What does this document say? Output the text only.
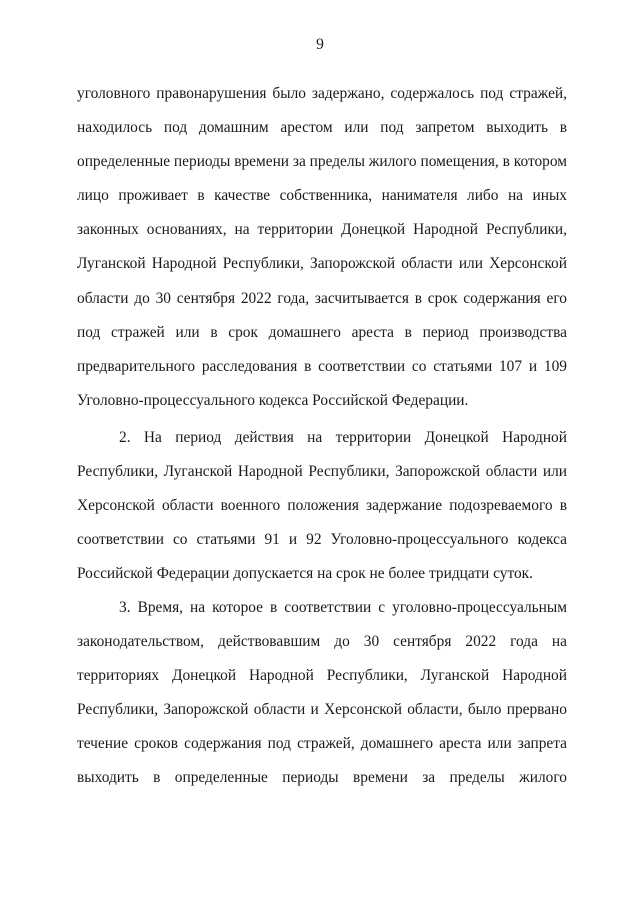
9
уголовного правонарушения было задержано, содержалось под стражей,
находилось под домашним арестом или под запретом выходить в
определенные периоды времени за пределы жилого помещения, в котором
лицо проживает в качестве собственника, нанимателя либо на иных
законных основаниях, на территории Донецкой Народной Республики,
Луганской Народной Республики, Запорожской области или Херсонской
области до 30 сентября 2022 года, засчитывается в срок содержания его
под стражей или в срок домашнего ареста в период производства
предварительного расследования в соответствии со статьями 107 и 109
Уголовно-процессуального кодекса Российской Федерации.
2. На период действия на территории Донецкой Народной
Республики, Луганской Народной Республики, Запорожской области или
Херсонской области военного положения задержание подозреваемого в
соответствии со статьями 91 и 92 Уголовно-процессуального кодекса
Российской Федерации допускается на срок не более тридцати суток.
3. Время, на которое в соответствии с уголовно-процессуальным
законодательством, действовавшим до 30 сентября 2022 года на
территориях Донецкой Народной Республики, Луганской Народной
Республики, Запорожской области и Херсонской области, было прервано
течение сроков содержания под стражей, домашнего ареста или запрета
выходить в определенные периоды времени за пределы жилого
